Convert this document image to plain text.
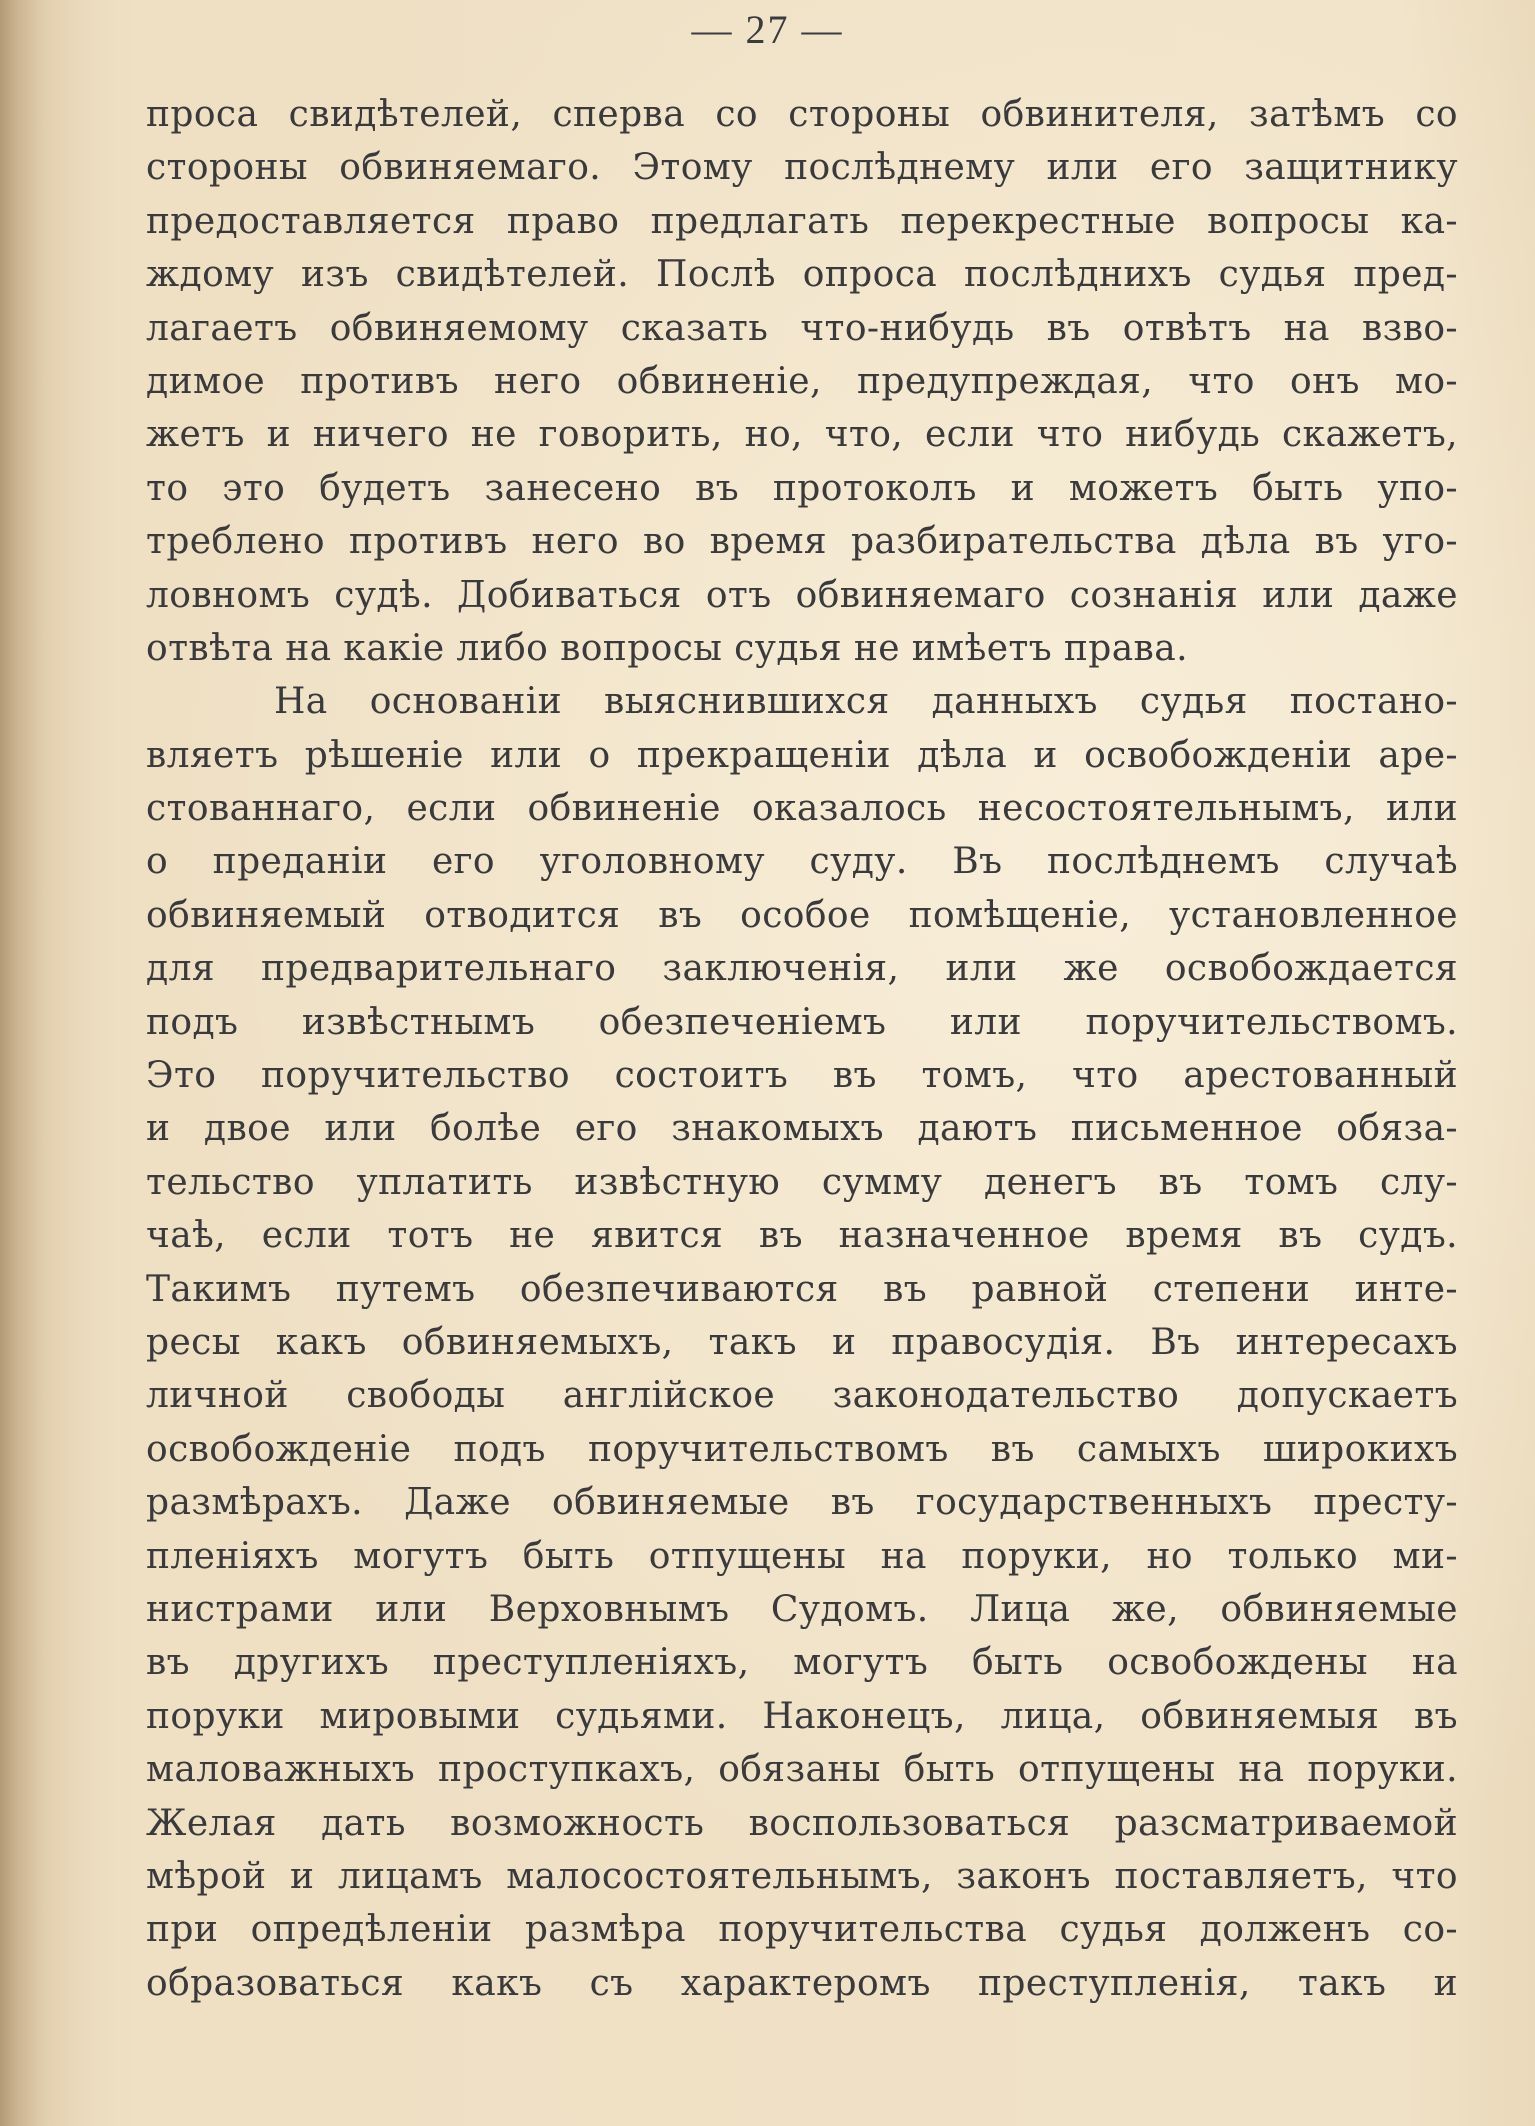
— 27 —
проса свидѣтелей, сперва со стороны обвинителя, затѣмъ со
стороны обвиняемаго. Этому послѣднему или его защитнику
предоставляется право предлагать перекрестные вопросы ка-
ждому изъ свидѣтелей. Послѣ опроса послѣднихъ судья пред-
лагаетъ обвиняемому сказать что-нибудь въ отвѣтъ на взво-
димое противъ него обвиненіе, предупреждая, что онъ мо-
жетъ и ничего не говорить, но, что, если что нибудь скажетъ,
то это будетъ занесено въ протоколъ и можетъ быть упо-
треблено противъ него во время разбирательства дѣла въ уго-
ловномъ судѣ. Добиваться отъ обвиняемаго сознанія или даже
отвѣта на какіе либо вопросы судья не имѣетъ права.
На основаніи выяснившихся данныхъ судья постано-
вляетъ рѣшеніе или о прекращеніи дѣла и освобожденіи аре-
стованнаго, если обвиненіе оказалось несостоятельнымъ, или
о преданіи его уголовному суду. Въ послѣднемъ случаѣ
обвиняемый отводится въ особое помѣщеніе, установленное
для предварительнаго заключенія, или же освобождается
подъ извѣстнымъ обезпеченіемъ или поручительствомъ.
Это поручительство состоитъ въ томъ, что арестованный
и двое или болѣе его знакомыхъ даютъ письменное обяза-
тельство уплатить извѣстную сумму денегъ въ томъ слу-
чаѣ, если тотъ не явится въ назначенное время въ судъ.
Такимъ путемъ обезпечиваются въ равной степени инте-
ресы какъ обвиняемыхъ, такъ и правосудія. Въ интересахъ
личной свободы англійское законодательство допускаетъ
освобожденіе подъ поручительствомъ въ самыхъ широкихъ
размѣрахъ. Даже обвиняемые въ государственныхъ престу-
пленіяхъ могутъ быть отпущены на поруки, но только ми-
нистрами или Верховнымъ Судомъ. Лица же, обвиняемые
въ другихъ преступленіяхъ, могутъ быть освобождены на
поруки мировыми судьями. Наконецъ, лица, обвиняемыя въ
маловажныхъ проступкахъ, обязаны быть отпущены на поруки.
Желая дать возможность воспользоваться разсматриваемой
мѣрой и лицамъ малосостоятельнымъ, законъ поставляетъ, что
при опредѣленіи размѣра поручительства судья долженъ со-
образоваться какъ съ характеромъ преступленія, такъ и
